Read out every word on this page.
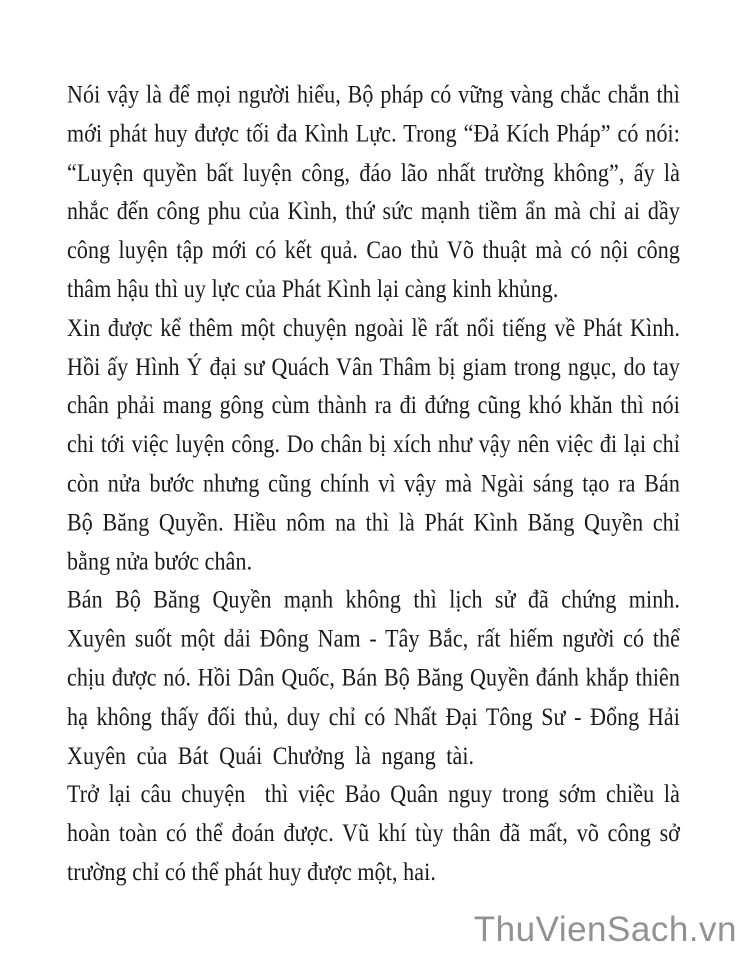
Nói vậy là để mọi người hiểu, Bộ pháp có vững vàng chắc chắn thì
mới phát huy được tối đa Kình Lực. Trong “Đả Kích Pháp” có nói:
“Luyện quyền bất luyện công, đáo lão nhất trường không”, ấy là
nhắc đến công phu của Kình, thứ sức mạnh tiềm ẩn mà chỉ ai dầy
công luyện tập mới có kết quả. Cao thủ Võ thuật mà có nội công
thâm hậu thì uy lực của Phát Kình lại càng kinh khủng.
Xin được kể thêm một chuyện ngoài lề rất nổi tiếng về Phát Kình.
Hồi ấy Hình Ý đại sư Quách Vân Thâm bị giam trong ngục, do tay
chân phải mang gông cùm thành ra đi đứng cũng khó khăn thì nói
chi tới việc luyện công. Do chân bị xích như vậy nên việc đi lại chỉ
còn nửa bước nhưng cũng chính vì vậy mà Ngài sáng tạo ra Bán
Bộ Băng Quyền. Hiều nôm na thì là Phát Kình Băng Quyền chỉ
bằng nửa bước chân.
Bán Bộ Băng Quyền mạnh không thì lịch sử đã chứng minh.
Xuyên suốt một dải Đông Nam - Tây Bắc, rất hiếm người có thể
chịu được nó. Hồi Dân Quốc, Bán Bộ Băng Quyền đánh khắp thiên
hạ không thấy đối thủ, duy chỉ có Nhất Đại Tông Sư - Đổng Hải
Xuyên của Bát Quái Chưởng là ngang tài.
Trở lại câu chuyện  thì việc Bảo Quân nguy trong sớm chiều là
hoàn toàn có thể đoán được. Vũ khí tùy thân đã mất, võ công sở
trường chỉ có thể phát huy được một, hai.
ThuVienSach.vn
